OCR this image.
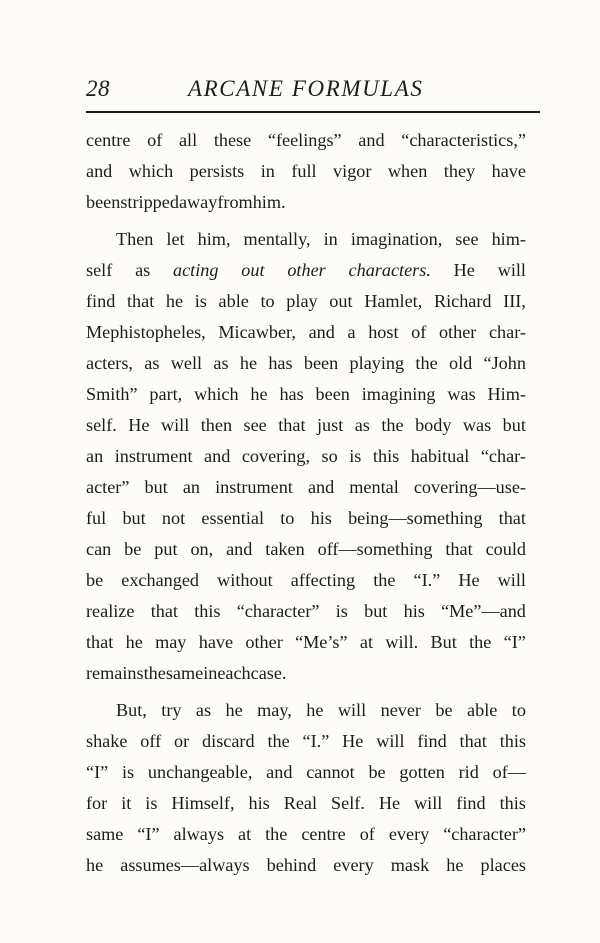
28	ARCANE FORMULAS
centre of all these “feelings” and “characteristics,”
and which persists in full vigor when they have
been stripped away from him.
Then let him, mentally, in imagination, see him-
self as acting out other characters. He will
find that he is able to play out Hamlet, Richard III,
Mephistopheles, Micawber, and a host of other char-
acters, as well as he has been playing the old “John
Smith” part, which he has been imagining was Him-
self. He will then see that just as the body was but
an instrument and covering, so is this habitual “char-
acter” but an instrument and mental covering—use-
ful but not essential to his being—something that
can be put on, and taken off—something that could
be exchanged without affecting the “I.” He will
realize that this “character” is but his “Me”—and
that he may have other “Me’s” at will. But the “I”
remains the same in each case.
But, try as he may, he will never be able to
shake off or discard the “I.” He will find that this
“I” is unchangeable, and cannot be gotten rid of—
for it is Himself, his Real Self. He will find this
same “I” always at the centre of every “character”
he assumes—always behind every mask he places
